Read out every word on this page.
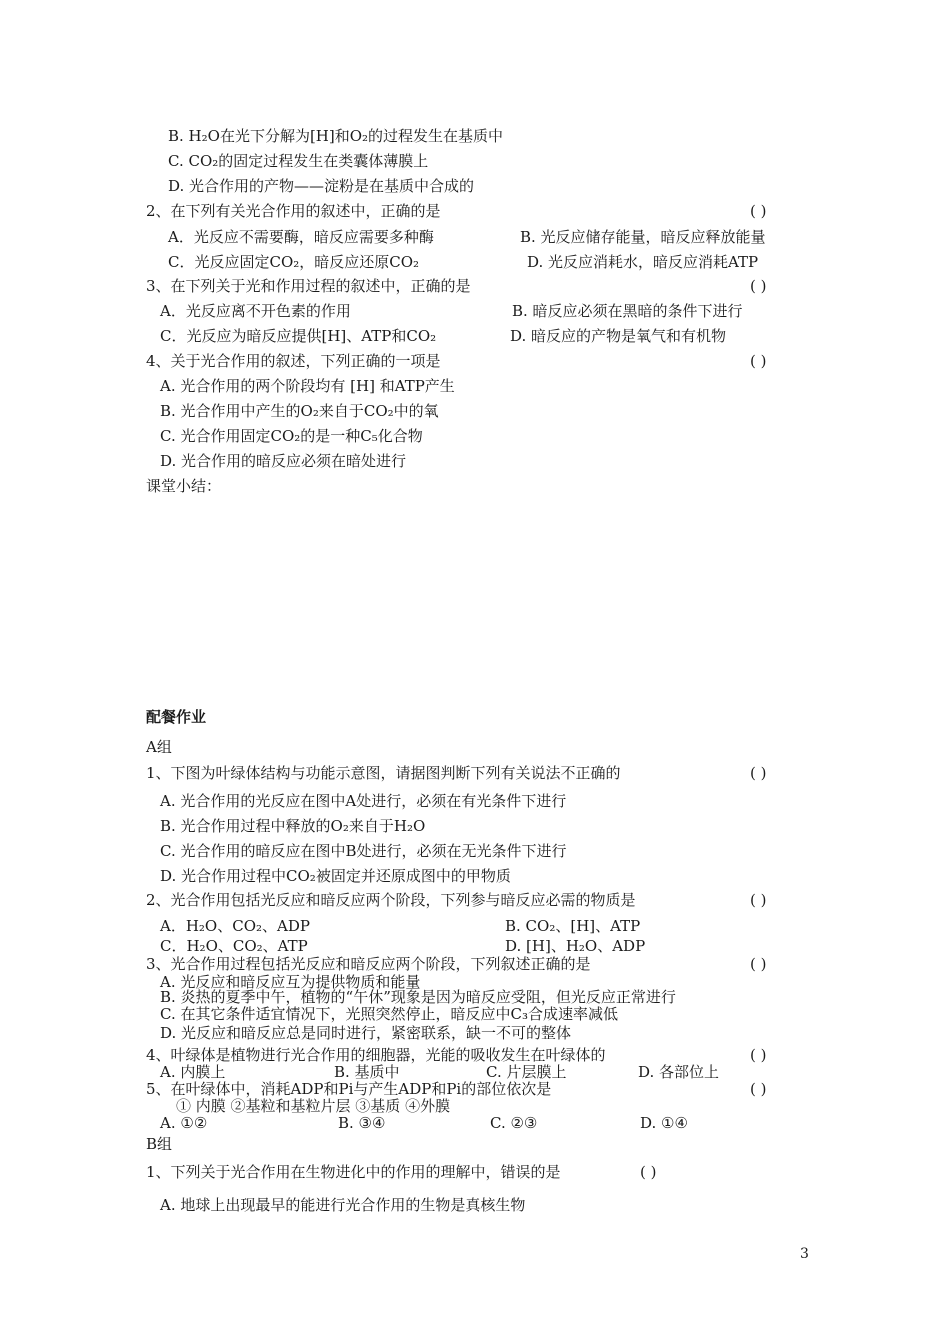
B. H₂O在光下分解为[H]和O₂的过程发生在基质中
C. CO₂的固定过程发生在类囊体薄膜上
D. 光合作用的产物——淀粉是在基质中合成的
2、在下列有关光合作用的叙述中，正确的是	( )
A．光反应不需要酶，暗反应需要多种酶	B. 光反应储存能量，暗反应释放能量
C．光反应固定CO₂，暗反应还原CO₂	D. 光反应消耗水，暗反应消耗ATP
3、在下列关于光和作用过程的叙述中，正确的是	( )
A．光反应离不开色素的作用	B. 暗反应必须在黑暗的条件下进行
C．光反应为暗反应提供[H]、ATP和CO₂	D. 暗反应的产物是氧气和有机物
4、关于光合作用的叙述，下列正确的一项是	( )
A. 光合作用的两个阶段均有 [H] 和ATP产生
B. 光合作用中产生的O₂来自于CO₂中的氧
C. 光合作用固定CO₂的是一种C₅化合物
D. 光合作用的暗反应必须在暗处进行
课堂小结：
配餐作业
A组
1、下图为叶绿体结构与功能示意图，请据图判断下列有关说法不正确的	( )
A. 光合作用的光反应在图中A处进行，必须在有光条件下进行
B. 光合作用过程中释放的O₂来自于H₂O
C. 光合作用的暗反应在图中B处进行，必须在无光条件下进行
D. 光合作用过程中CO₂被固定并还原成图中的甲物质
2、光合作用包括光反应和暗反应两个阶段，下列参与暗反应必需的物质是	( )
A．H₂O、CO₂、ADP	B. CO₂、[H]、ATP
C．H₂O、CO₂、ATP	D. [H]、H₂O、ADP
3、光合作用过程包括光反应和暗反应两个阶段，下列叙述正确的是	( )
A. 光反应和暗反应互为提供物质和能量
B. 炎热的夏季中午，植物的“午休”现象是因为暗反应受阻，但光反应正常进行
C. 在其它条件适宜情况下，光照突然停止，暗反应中C₃合成速率减低
D. 光反应和暗反应总是同时进行，紧密联系，缺一不可的整体
4、叶绿体是植物进行光合作用的细胞器，光能的吸收发生在叶绿体的	( )
A. 内膜上	B. 基质中	C. 片层膜上	D. 各部位上
5、在叶绿体中，消耗ADP和Pi与产生ADP和Pi的部位依次是	( )
① 内膜 ②基粒和基粒片层 ③基质 ④外膜
A. ①②	B. ③④	C. ②③	D. ①④
B组
1、下列关于光合作用在生物进化中的作用的理解中，错误的是	( )
A. 地球上出现最早的能进行光合作用的生物是真核生物
3
